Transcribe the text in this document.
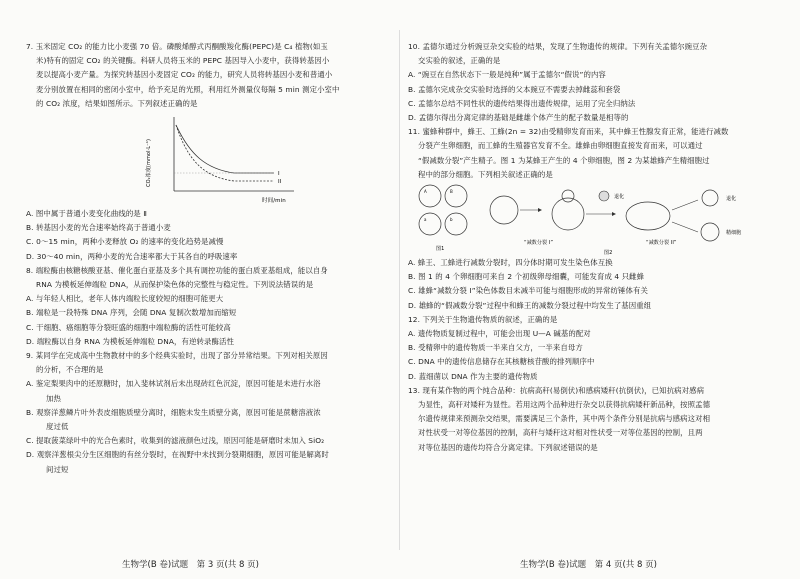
7. 玉米固定 CO₂ 的能力比小麦强 70 倍。磷酸烯醇式丙酮酸羧化酶(PEPC)是 C₄ 植物(如玉

米)特有的固定 CO₂ 的关键酶。科研人员将玉米的 PEPC 基因导入小麦中，获得转基因小

麦以提高小麦产量。为探究转基因小麦固定 CO₂ 的能力，研究人员将转基因小麦和普通小

麦分别放置在相同的密闭小室中，给予充足的光照，利用红外测量仪每隔 5 min 测定小室中

的 CO₂ 浓度，结果如图所示。下列叙述正确的是

CO₂浓度(mmol·L⁻¹)
时间/min
I
II

A. 图中属于普通小麦变化曲线的是 Ⅱ

B. 转基因小麦的光合速率始终高于普通小麦

C. 0～15 min，两种小麦释放 O₂ 的速率的变化趋势是减慢

D. 30～40 min，两种小麦的光合速率都大于其各自的呼吸速率

8. 端粒酶由核糖核酸亚基、催化蛋白亚基及多个具有调控功能的蛋白质亚基组成，能以自身

RNA 为模板延伸端粒 DNA，从而保护染色体的完整性与稳定性。下列说法错误的是

A. 与年轻人相比，老年人体内端粒长度较短的细胞可能更大

B. 端粒是一段特殊 DNA 序列，会随 DNA 复制次数增加而缩短

C. 干细胞、癌细胞等分裂旺盛的细胞中端粒酶的活性可能较高

D. 端粒酶以自身 RNA 为模板延伸端粒 DNA，有逆转录酶活性

9. 某同学在完成高中生物教材中的多个经典实验时，出现了部分异常结果。下列对相关原因

的分析，不合理的是

A. 鉴定梨果肉中的还原糖时，加入斐林试剂后未出现砖红色沉淀，原因可能是未进行水浴

加热

B. 观察洋葱鳞片叶外表皮细胞质壁分离时，细胞未发生质壁分离，原因可能是蔗糖溶液浓

度过低

C. 提取菠菜绿叶中的光合色素时，收集到的滤液颜色过浅，原因可能是研磨时未加入 SiO₂

D. 观察洋葱根尖分生区细胞的有丝分裂时，在视野中未找到分裂期细胞，原因可能是解离时

间过短

10. 孟德尔通过分析豌豆杂交实验的结果，发现了生物遗传的规律。下列有关孟德尔豌豆杂

交实验的叙述，正确的是

A. “豌豆在自然状态下一般是纯种”属于孟德尔“假说”的内容

B. 孟德尔完成杂交实验时选择的父本豌豆不需要去掉雌蕊和套袋

C. 孟德尔总结不同性状的遗传结果得出遗传规律，运用了完全归纳法

D. 孟德尔得出分离定律的基础是雌雄个体产生的配子数量是相等的

11. 蜜蜂种群中，蜂王、工蜂(2n = 32)由受精卵发育而来，其中蜂王性腺发育正常，能进行减数

分裂产生卵细胞，而工蜂的生殖器官发育不全。雄蜂由卵细胞直接发育而来，可以通过

“假减数分裂”产生精子。图 1 为某蜂王产生的 4 个卵细胞，图 2 为某雄蜂产生精细胞过

程中的部分细胞。下列相关叙述正确的是

A	B
a	b
图1
退化	退化
精细胞
“减数分裂 I”	“减数分裂 II”
图2

A. 蜂王、工蜂进行减数分裂时，四分体时期可发生染色体互换

B. 图 1 的 4 个卵细胞可来自 2 个初级卵母细囊，可能发育成 4 只雌蜂

C. 雄蜂“减数分裂 I”染色体数目未减半可能与细胞形成的异常纺锤体有关

D. 雄蜂的“假减数分裂”过程中和蜂王的减数分裂过程中均发生了基因重组

12. 下列关于生物遗传物质的叙述，正确的是

A. 遗传物质复制过程中，可能会出现 U—A 碱基的配对

B. 受精卵中的遗传物质一半来自父方，一半来自母方

C. DNA 中的遗传信息储存在其核糖核苷酸的排列顺序中

D. 蓝细菌以 DNA 作为主要的遗传物质

13. 现有某作物的两个纯合品种：抗病高秆(易倒伏)和感病矮秆(抗倒伏)，已知抗病对感病

为显性，高秆对矮秆为显性。若用这两个品种进行杂交以获得抗病矮秆新品种，按照孟德

尔遗传规律来预测杂交结果，需要满足三个条件，其中两个条件分别是抗病与感病这对相

对性状受一对等位基因的控制，高秆与矮秆这对相对性状受一对等位基因的控制，且两

对等位基因的遗传均符合分离定律。下列叙述错误的是

生物学(B 卷)试题　第 3 页(共 8 页)	生物学(B 卷)试题　第 4 页(共 8 页)
